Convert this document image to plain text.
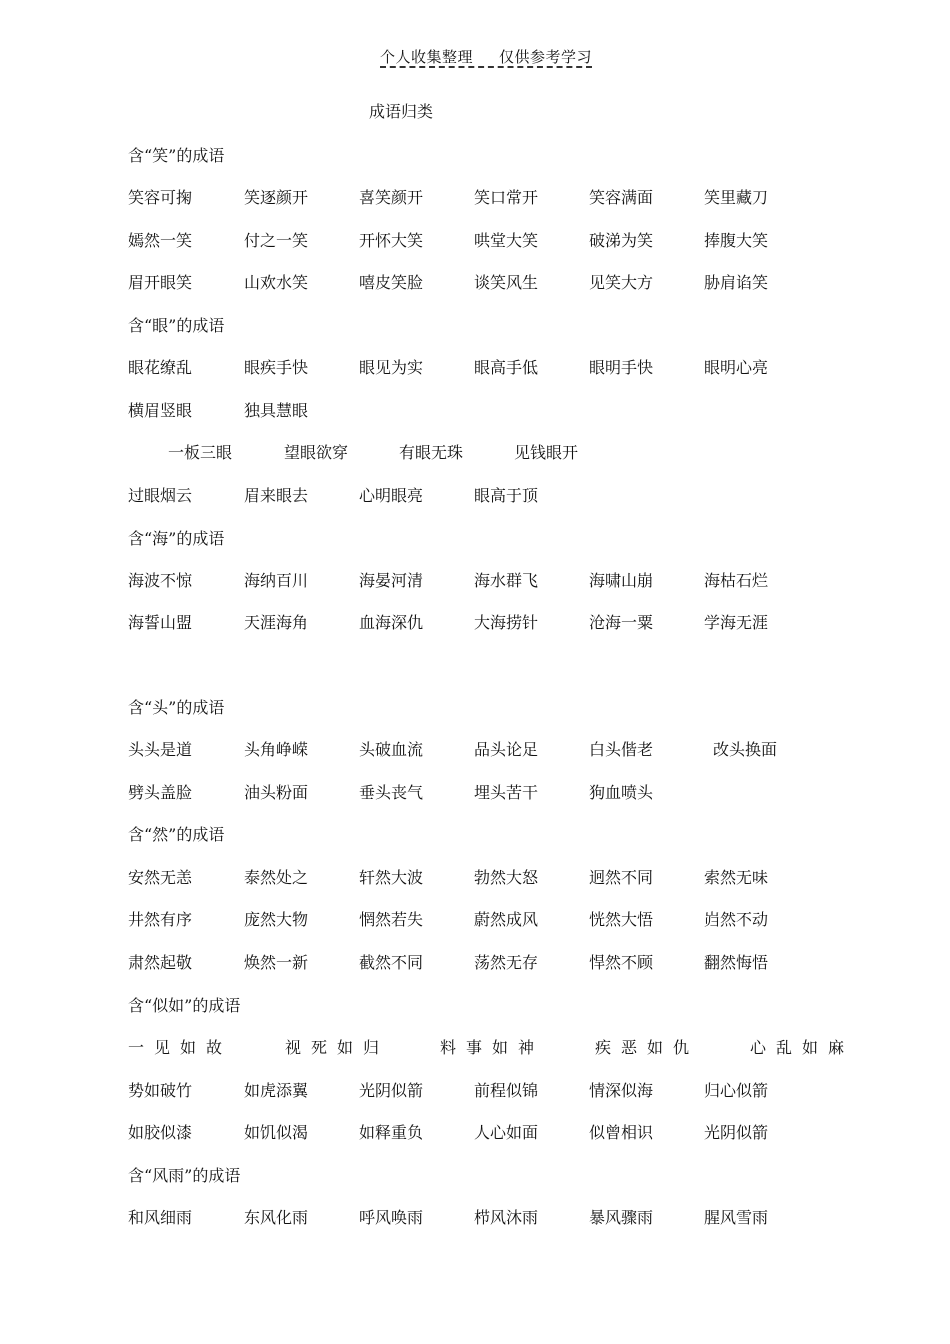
个人收集整理 仅供参考学习
成语归类
含“笑”的成语
笑容可掬	笑逐颜开	喜笑颜开	笑口常开	笑容满面	笑里藏刀
嫣然一笑	付之一笑	开怀大笑	哄堂大笑	破涕为笑	捧腹大笑
眉开眼笑	山欢水笑	嘻皮笑脸	谈笑风生	见笑大方	胁肩谄笑
含“眼”的成语
眼花缭乱	眼疾手快	眼见为实	眼高手低	眼明手快	眼明心亮
横眉竖眼	独具慧眼
一板三眼	望眼欲穿	有眼无珠	见钱眼开
过眼烟云	眉来眼去	心明眼亮	眼高于顶
含“海”的成语
海波不惊	海纳百川	海晏河清	海水群飞	海啸山崩	海枯石烂
海誓山盟	天涯海角	血海深仇	大海捞针	沧海一粟	学海无涯
含“头”的成语
头头是道	头角峥嵘	头破血流	品头论足	白头偕老	改头换面
劈头盖脸	油头粉面	垂头丧气	埋头苦干	狗血喷头
含“然”的成语
安然无恙	泰然处之	轩然大波	勃然大怒	迥然不同	索然无味
井然有序	庞然大物	惘然若失	蔚然成风	恍然大悟	岿然不动
肃然起敬	焕然一新	截然不同	荡然无存	悍然不顾	翻然悔悟
含“似如”的成语
一见如故	视死如归	料事如神	疾恶如仇	心乱如麻
势如破竹	如虎添翼	光阴似箭	前程似锦	情深似海	归心似箭
如胶似漆	如饥似渴	如释重负	人心如面	似曾相识	光阴似箭
含“风雨”的成语
和风细雨	东风化雨	呼风唤雨	栉风沐雨	暴风骤雨	腥风雪雨
